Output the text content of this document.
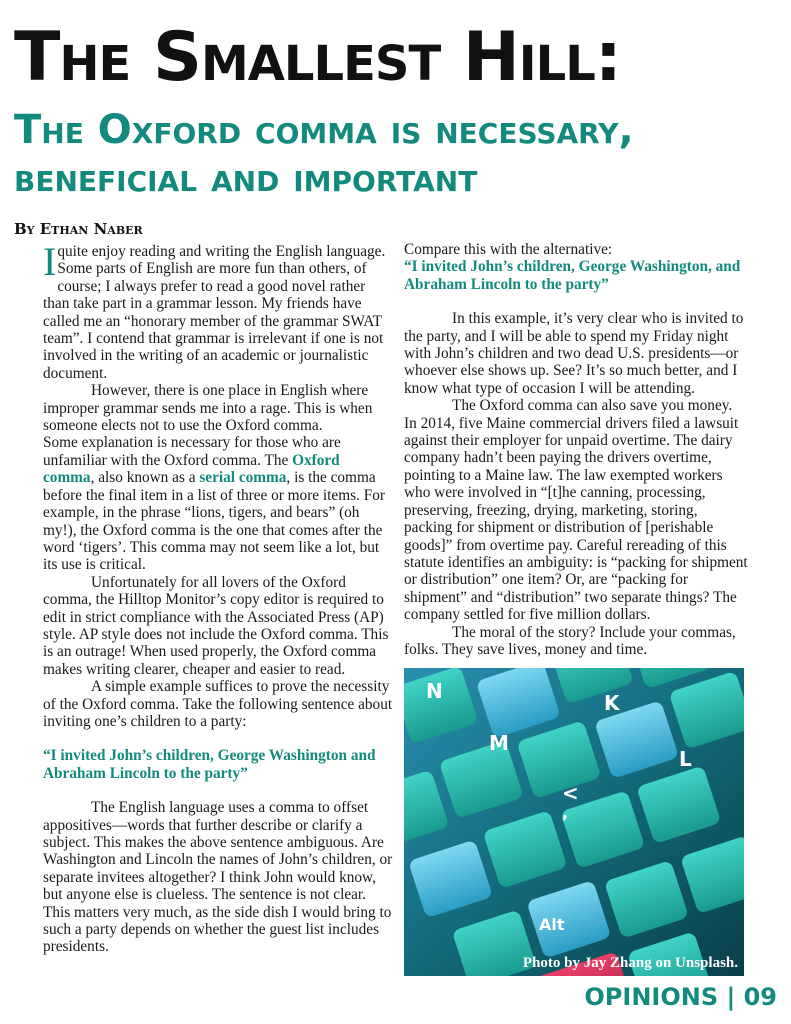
The Smallest Hill:
The Oxford comma is necessary, beneficial and important
By Ethan Naber

I quite enjoy reading and writing the English language. Some parts of English are more fun than others, of course; I always prefer to read a good novel rather than take part in a grammar lesson. My friends have called me an “honorary member of the grammar SWAT team”. I contend that grammar is irrelevant if one is not involved in the writing of an academic or journalistic document.

However, there is one place in English where improper grammar sends me into a rage. This is when someone elects not to use the Oxford comma.

Some explanation is necessary for those who are unfamiliar with the Oxford comma. The Oxford comma, also known as a serial comma, is the comma before the final item in a list of three or more items. For example, in the phrase “lions, tigers, and bears” (oh my!), the Oxford comma is the one that comes after the word ‘tigers’. This comma may not seem like a lot, but its use is critical.

Unfortunately for all lovers of the Oxford comma, the Hilltop Monitor’s copy editor is required to edit in strict compliance with the Associated Press (AP) style. AP style does not include the Oxford comma. This is an outrage! When used properly, the Oxford comma makes writing clearer, cheaper and easier to read.

A simple example suffices to prove the necessity of the Oxford comma. Take the following sentence about inviting one’s children to a party:

“I invited John’s children, George Washington and Abraham Lincoln to the party”

The English language uses a comma to offset appositives—words that further describe or clarify a subject. This makes the above sentence ambiguous. Are Washington and Lincoln the names of John’s children, or separate invitees altogether? I think John would know, but anyone else is clueless. The sentence is not clear. This matters very much, as the side dish I would bring to such a party depends on whether the guest list includes presidents.

Compare this with the alternative:

“I invited John’s children, George Washington, and Abraham Lincoln to the party”

In this example, it’s very clear who is invited to the party, and I will be able to spend my Friday night with John’s children and two dead U.S. presidents—or whoever else shows up. See? It’s so much better, and I know what type of occasion I will be attending.

The Oxford comma can also save you money. In 2014, five Maine commercial drivers filed a lawsuit against their employer for unpaid overtime. The dairy company hadn’t been paying the drivers overtime, pointing to a Maine law. The law exempted workers who were involved in “[t]he canning, processing, preserving, freezing, drying, marketing, storing, packing for shipment or distribution of [perishable goods]” from overtime pay. Careful rereading of this statute identifies an ambiguity: is “packing for shipment or distribution” one item? Or, are “packing for shipment” and “distribution” two separate things? The company settled for five million dollars.

The moral of the story? Include your commas, folks. They save lives, money and time.

N	K
M
L
<
,
Alt
Photo by Jay Zhang on Unsplash.
OPINIONS | 09
